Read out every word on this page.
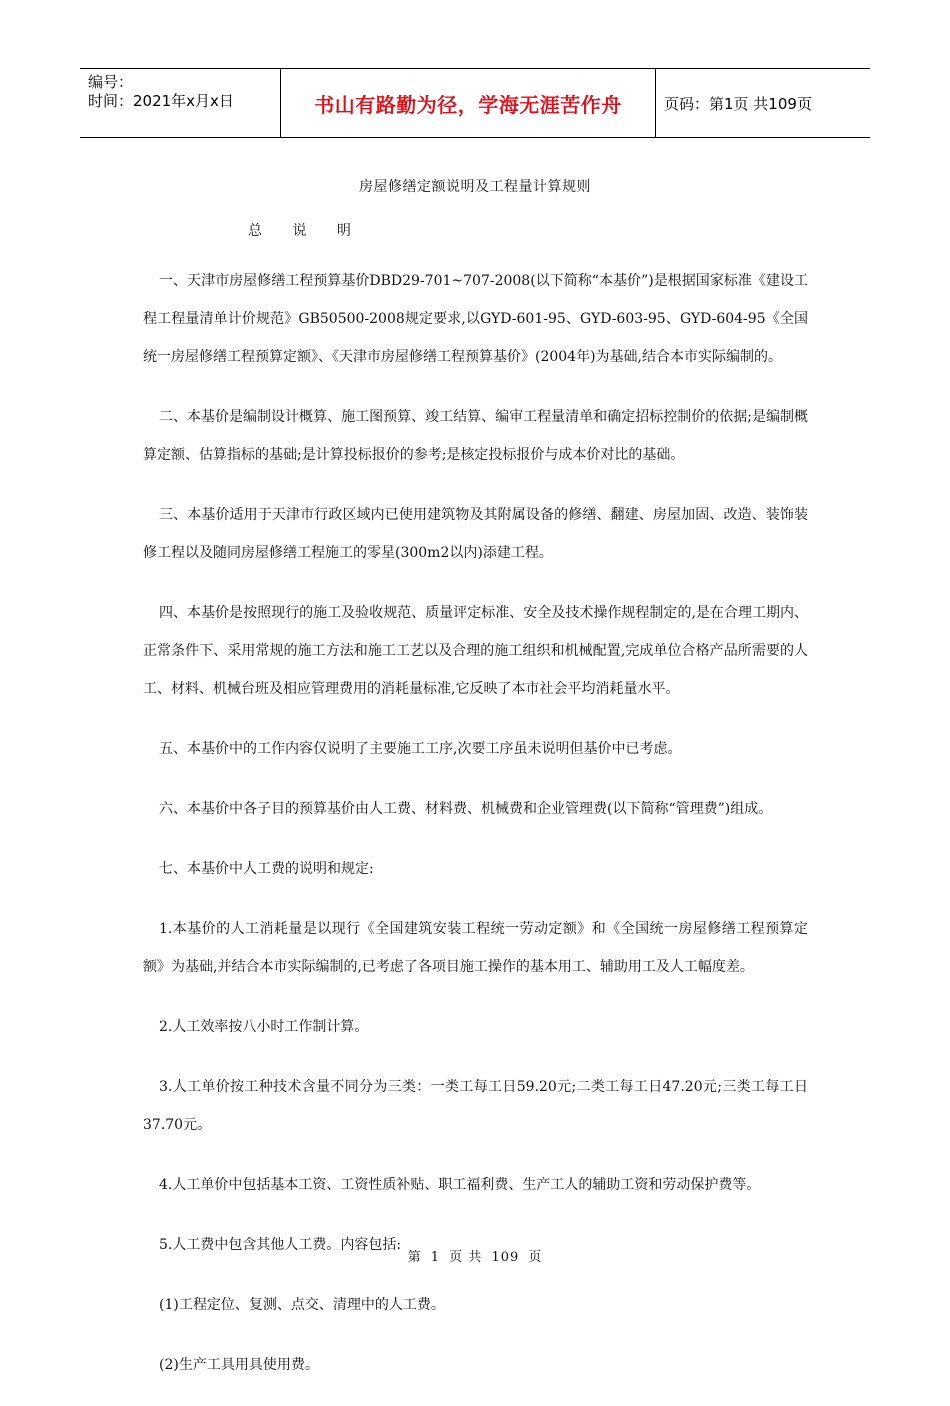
编号：
时间：2021年x月x日	书山有路勤为径，学海无涯苦作舟	页码：第1页 共109页
房屋修缮定额说明及工程量计算规则
总 说 明

一、天津市房屋修缮工程预算基价DBD29-701~707-2008(以下简称“本基价”)是根据国家标准《建设工程工程量清单计价规范》GB50500-2008规定要求,以GYD-601-95、GYD-603-95、GYD-604-95《全国统一房屋修缮工程预算定额》、《天津市房屋修缮工程预算基价》(2004年)为基础,结合本市实际编制的。

二、本基价是编制设计概算、施工图预算、竣工结算、编审工程量清单和确定招标控制价的依据;是编制概算定额、估算指标的基础;是计算投标报价的参考;是核定投标报价与成本价对比的基础。

三、本基价适用于天津市行政区域内已使用建筑物及其附属设备的修缮、翻建、房屋加固、改造、装饰装修工程以及随同房屋修缮工程施工的零星(300m2以内)添建工程。

四、本基价是按照现行的施工及验收规范、质量评定标准、安全及技术操作规程制定的,是在合理工期内、正常条件下、采用常规的施工方法和施工工艺以及合理的施工组织和机械配置,完成单位合格产品所需要的人工、材料、机械台班及相应管理费用的消耗量标准,它反映了本市社会平均消耗量水平。

五、本基价中的工作内容仅说明了主要施工工序,次要工序虽未说明但基价中已考虑。

六、本基价中各子目的预算基价由人工费、材料费、机械费和企业管理费(以下简称“管理费”)组成。

七、本基价中人工费的说明和规定:

1.本基价的人工消耗量是以现行《全国建筑安装工程统一劳动定额》和《全国统一房屋修缮工程预算定额》为基础,并结合本市实际编制的,已考虑了各项目施工操作的基本用工、辅助用工及人工幅度差。

2.人工效率按八小时工作制计算。

3.人工单价按工种技术含量不同分为三类：一类工每工日59.20元;二类工每工日47.20元;三类工每工日37.70元。

4.人工单价中包括基本工资、工资性质补贴、职工福利费、生产工人的辅助工资和劳动保护费等。

5.人工费中包含其他人工费。内容包括:

(1)工程定位、复测、点交、清理中的人工费。

(2)生产工具用具使用费。

第 1 页 共 109 页
